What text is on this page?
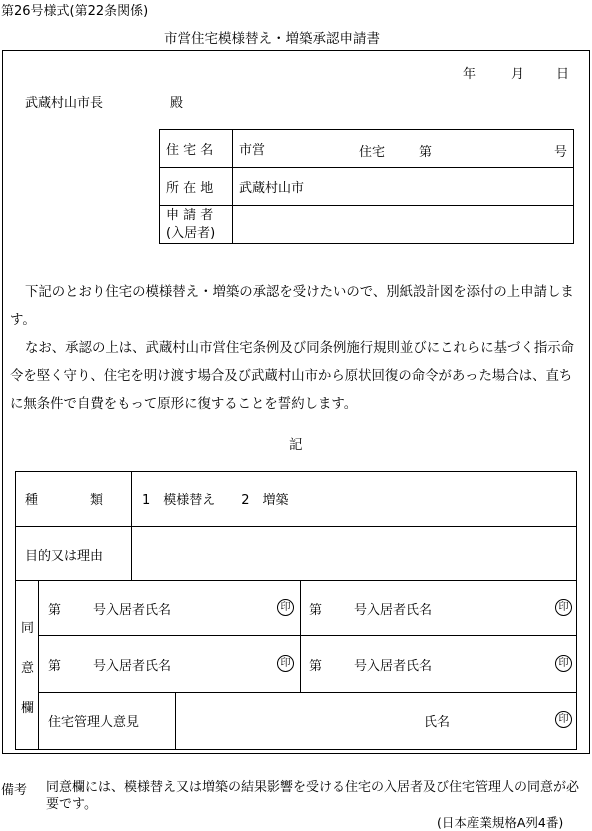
第26号様式(第22条関係)
市営住宅模様替え・増築承認申請書
年	月 日
武蔵村山市長	殿
住 宅 名	市営 住宅 第 号

所 在 地	武蔵村山市

申 請 者
(入居者)	

下記のとおり住宅の模様替え・増築の承認を受けたいので、別紙設計図を添付の上申請します。

なお、承認の上は、武蔵村山市営住宅条例及び同条例施行規則並びにこれらに基づく指示命令を堅く守り、住宅を明け渡す場合及び武蔵村山市から原状回復の命令があった場合は、直ちに無条件で自費をもって原形に復することを誓約します。

記
種　　　　類	1　模様替え　　2　増築
目的又は理由
同
意
欄
第 号入居者氏名	印 第 号入居者氏名	印
第 号入居者氏名	印 第 号入居者氏名	印
住宅管理人意見	氏名	印
備考 同意欄には、模様替え又は増築の結果影響を受ける住宅の入居者及び住宅管理人の同意が必要です。
(日本産業規格A列4番)
